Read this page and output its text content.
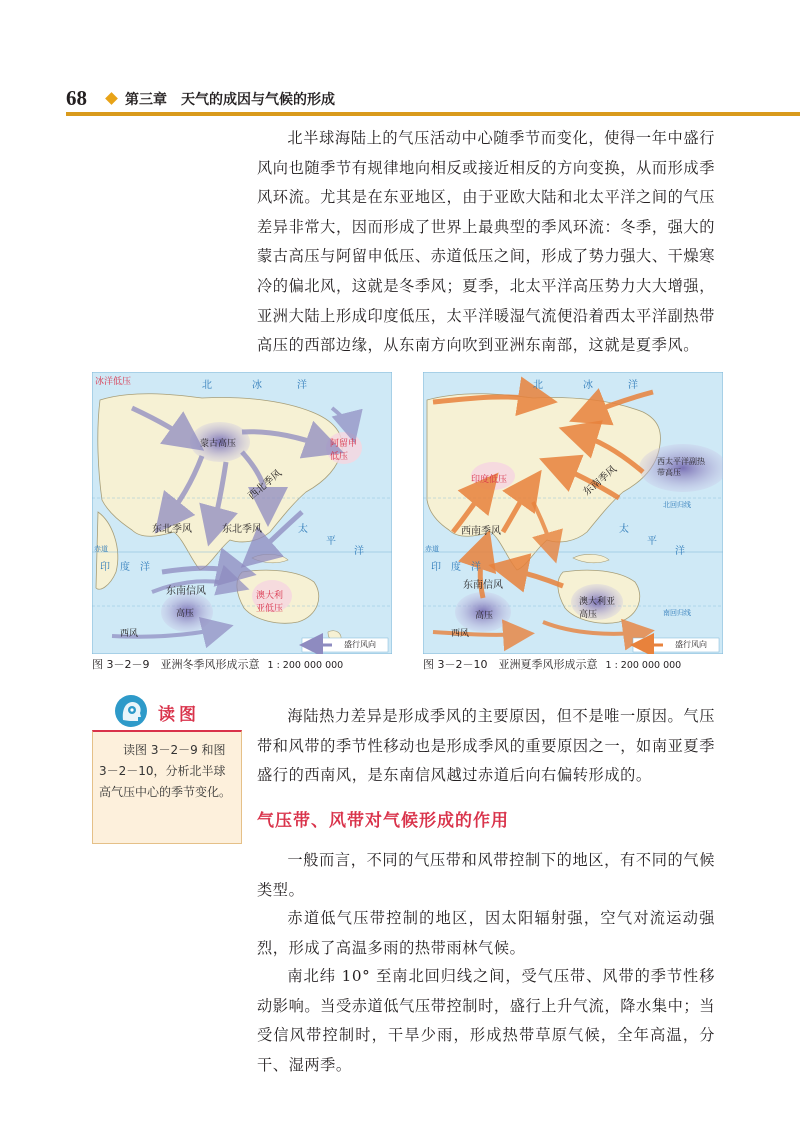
68	第三章　天气的成因与气候的形成
北半球海陆上的气压活动中心随季节而变化，使得一年中盛行风向也随季节有规律地向相反或接近相反的方向变换，从而形成季风环流。尤其是在东亚地区，由于亚欧大陆和北太平洋之间的气压差异非常大，因而形成了世界上最典型的季风环流：冬季，强大的蒙古高压与阿留申低压、赤道低压之间，形成了势力强大、干燥寒冷的偏北风，这就是冬季风；夏季，北太平洋高压势力大大增强，亚洲大陆上形成印度低压，太平洋暖湿气流便沿着西太平洋副热带高压的西部边缘，从东南方向吹到亚洲东南部，这就是夏季风。
冰洋低压	北	冰	洋
蒙古高压	阿留申低压
西北季风
东北季风	东北季风	太
平
洋
赤道
印　度　洋
东南信风
高压
澳大利亚低压
西风
盛行风向
北	冰	洋
西太平洋副热带高压
东南季风
印度低压
西南季风
北回归线
太
平
洋
赤道
印　度　洋
东南信风
高压
澳大利亚高压	南回归线
西风
盛行风向
图 3－2－9　亚洲冬季风形成示意 1 : 200 000 000	图 3－2－10　亚洲夏季风形成示意 1 : 200 000 000
读图
读图 3－2－9 和图 3－2－10，分析北半球高气压中心的季节变化。
海陆热力差异是形成季风的主要原因，但不是唯一原因。气压带和风带的季节性移动也是形成季风的重要原因之一，如南亚夏季盛行的西南风，是东南信风越过赤道后向右偏转形成的。
气压带、风带对气候形成的作用
一般而言，不同的气压带和风带控制下的地区，有不同的气候类型。
赤道低气压带控制的地区，因太阳辐射强，空气对流运动强烈，形成了高温多雨的热带雨林气候。
南北纬 10° 至南北回归线之间，受气压带、风带的季节性移动影响。当受赤道低气压带控制时，盛行上升气流，降水集中；当受信风带控制时，干旱少雨，形成热带草原气候，全年高温，分干、湿两季。
